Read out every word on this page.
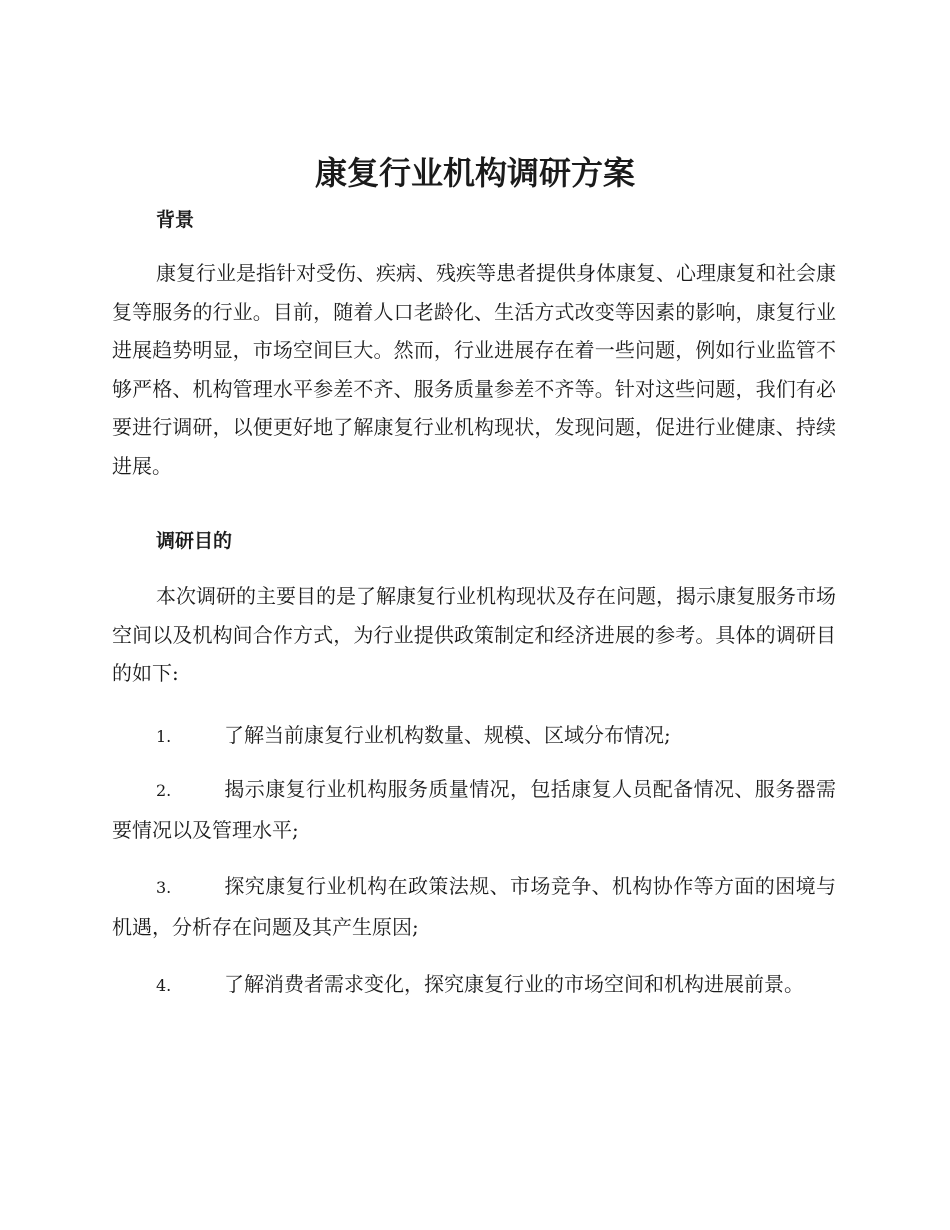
康复行业机构调研方案
背景

康复行业是指针对受伤、疾病、残疾等患者提供身体康复、心理康复和社会康复等服务的行业。目前，随着人口老龄化、生活方式改变等因素的影响，康复行业进展趋势明显，市场空间巨大。然而，行业进展存在着一些问题，例如行业监管不够严格、机构管理水平参差不齐、服务质量参差不齐等。针对这些问题，我们有必要进行调研，以便更好地了解康复行业机构现状，发现问题，促进行业健康、持续进展。

调研目的

本次调研的主要目的是了解康复行业机构现状及存在问题，揭示康复服务市场空间以及机构间合作方式，为行业提供政策制定和经济进展的参考。具体的调研目的如下:

1.	了解当前康复行业机构数量、规模、区域分布情况;

2.	揭示康复行业机构服务质量情况，包括康复人员配备情况、服务器需要情况以及管理水平;

3.	探究康复行业机构在政策法规、市场竞争、机构协作等方面的困境与机遇，分析存在问题及其产生原因;

4.	了解消费者需求变化，探究康复行业的市场空间和机构进展前景。
